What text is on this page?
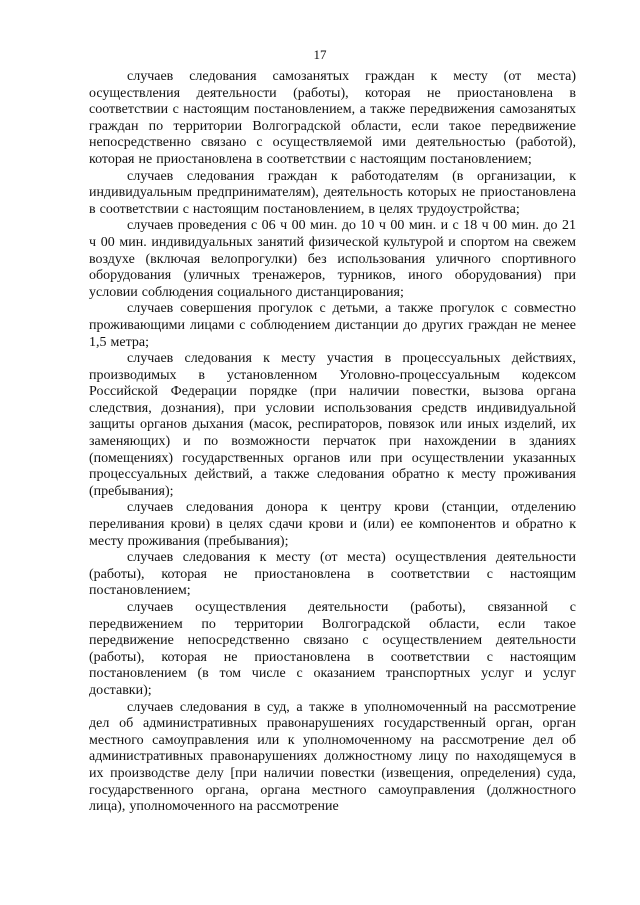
17

случаев следования самозанятых граждан к месту (от места) осуществления деятельности (работы), которая не приостановлена в соответствии с настоящим постановлением, а также передвижения самозанятых граждан по территории Волгоградской области, если такое передвижение непосредственно связано с осуществляемой ими деятельностью (работой), которая не приостановлена в соответствии с настоящим постановлением;

случаев следования граждан к работодателям (в организации, к индивидуальным предпринимателям), деятельность которых не приостановлена в соответствии с настоящим постановлением, в целях трудоустройства;

случаев проведения с 06 ч 00 мин. до 10 ч 00 мин. и с 18 ч 00 мин. до 21 ч 00 мин. индивидуальных занятий физической культурой и спортом на свежем воздухе (включая велопрогулки) без использования уличного спортивного оборудования (уличных тренажеров, турников, иного оборудования) при условии соблюдения социального дистанцирования;

случаев совершения прогулок с детьми, а также прогулок с совместно проживающими лицами с соблюдением дистанции до других граждан не менее 1,5 метра;

случаев следования к месту участия в процессуальных действиях, производимых в установленном Уголовно-процессуальным кодексом Российской Федерации порядке (при наличии повестки, вызова органа следствия, дознания), при условии использования средств индивидуальной защиты органов дыхания (масок, респираторов, повязок или иных изделий, их заменяющих) и по возможности перчаток при нахождении в зданиях (помещениях) государственных органов или при осуществлении указанных процессуальных действий, а также следования обратно к месту проживания (пребывания);

случаев следования донора к центру крови (станции, отделению переливания крови) в целях сдачи крови и (или) ее компонентов и обратно к месту проживания (пребывания);

случаев следования к месту (от места) осуществления деятельности (работы), которая не приостановлена в соответствии с настоящим постановлением;

случаев осуществления деятельности (работы), связанной с передвижением по территории Волгоградской области, если такое передвижение непосредственно связано с осуществлением деятельности (работы), которая не приостановлена в соответствии с настоящим постановлением (в том числе с оказанием транспортных услуг и услуг доставки);

случаев следования в суд, а также в уполномоченный на рассмотрение дел об административных правонарушениях государственный орган, орган местного самоуправления или к уполномоченному на рассмотрение дел об административных правонарушениях должностному лицу по находящемуся в их производстве делу [при наличии повестки (извещения, определения) суда, государственного органа, органа местного самоуправления (должностного лица), уполномоченного на рассмотрение
